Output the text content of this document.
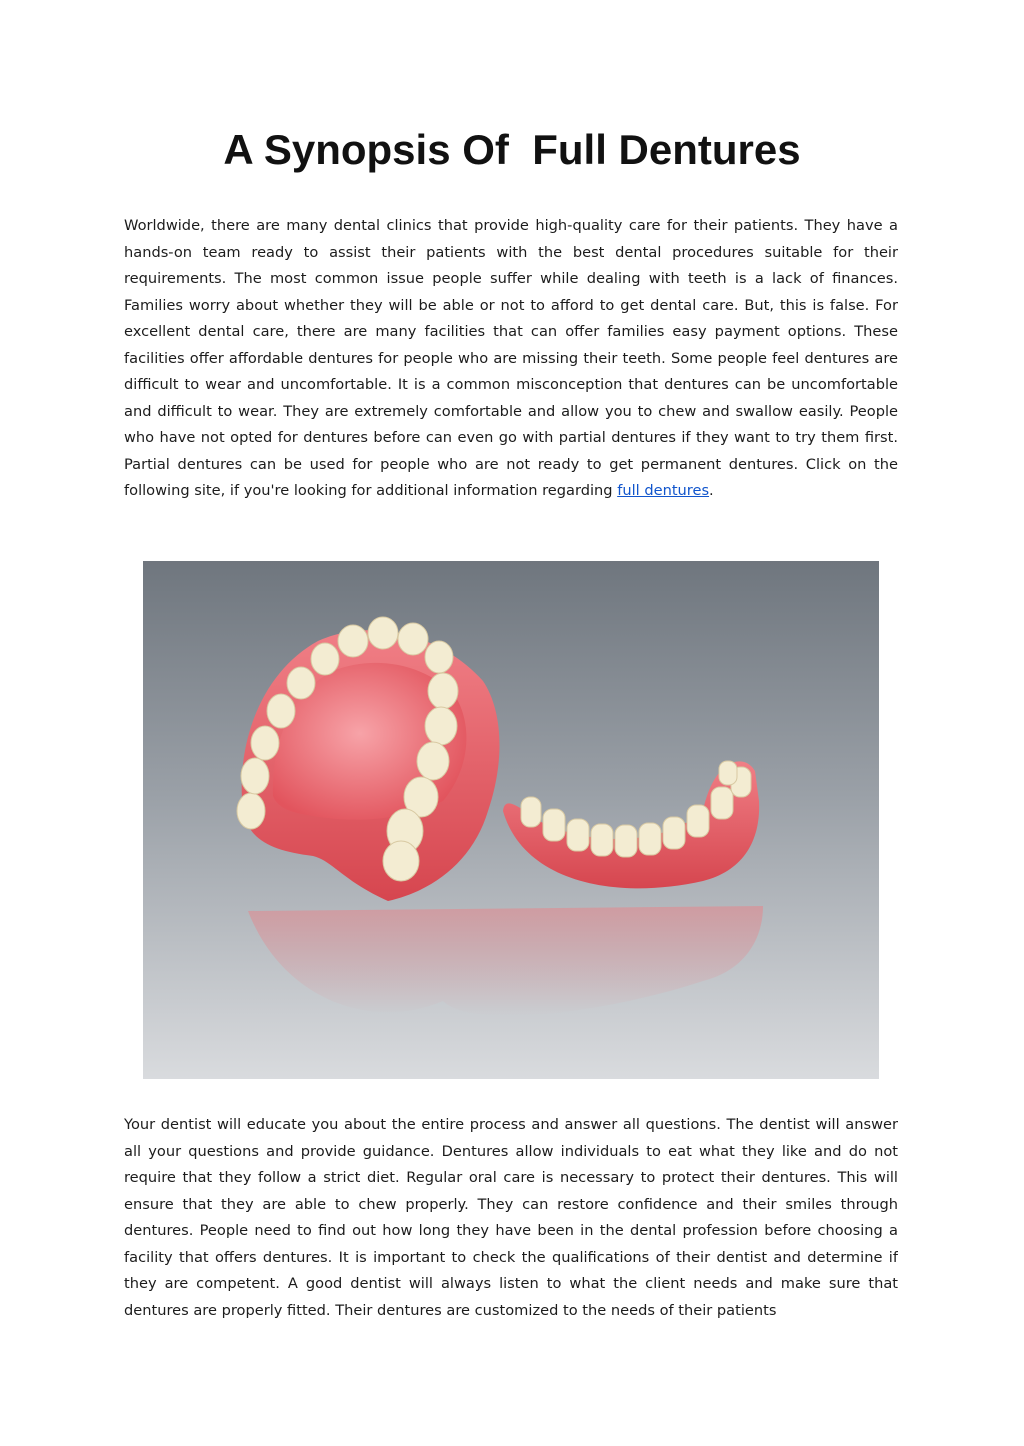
A Synopsis Of  Full Dentures

Worldwide, there are many dental clinics that provide high-quality care for their patients. They have a hands-on team ready to assist their patients with the best dental procedures suitable for their requirements. The most common issue people suffer while dealing with teeth is a lack of finances. Families worry about whether they will be able or not to afford to get dental care. But, this is false. For excellent dental care, there are many facilities that can offer families easy payment options. These facilities offer affordable dentures for people who are missing their teeth. Some people feel dentures are difficult to wear and uncomfortable. It is a common misconception that dentures can be uncomfortable and difficult to wear. They are extremely comfortable and allow you to chew and swallow easily. People who have not opted for dentures before can even go with partial dentures if they want to try them first. Partial dentures can be used for people who are not ready to get permanent dentures. Click on the following site, if you're looking for additional information regarding full dentures.

Your dentist will educate you about the entire process and answer all questions. The dentist will answer all your questions and provide guidance. Dentures allow individuals to eat what they like and do not require that they follow a strict diet. Regular oral care is necessary to protect their dentures. This will ensure that they are able to chew properly. They can restore confidence and their smiles through dentures. People need to find out how long they have been in the dental profession before choosing a facility that offers dentures. It is important to check the qualifications of their dentist and determine if they are competent. A good dentist will always listen to what the client needs and make sure that dentures are properly fitted. Their dentures are customized to the needs of their patients
